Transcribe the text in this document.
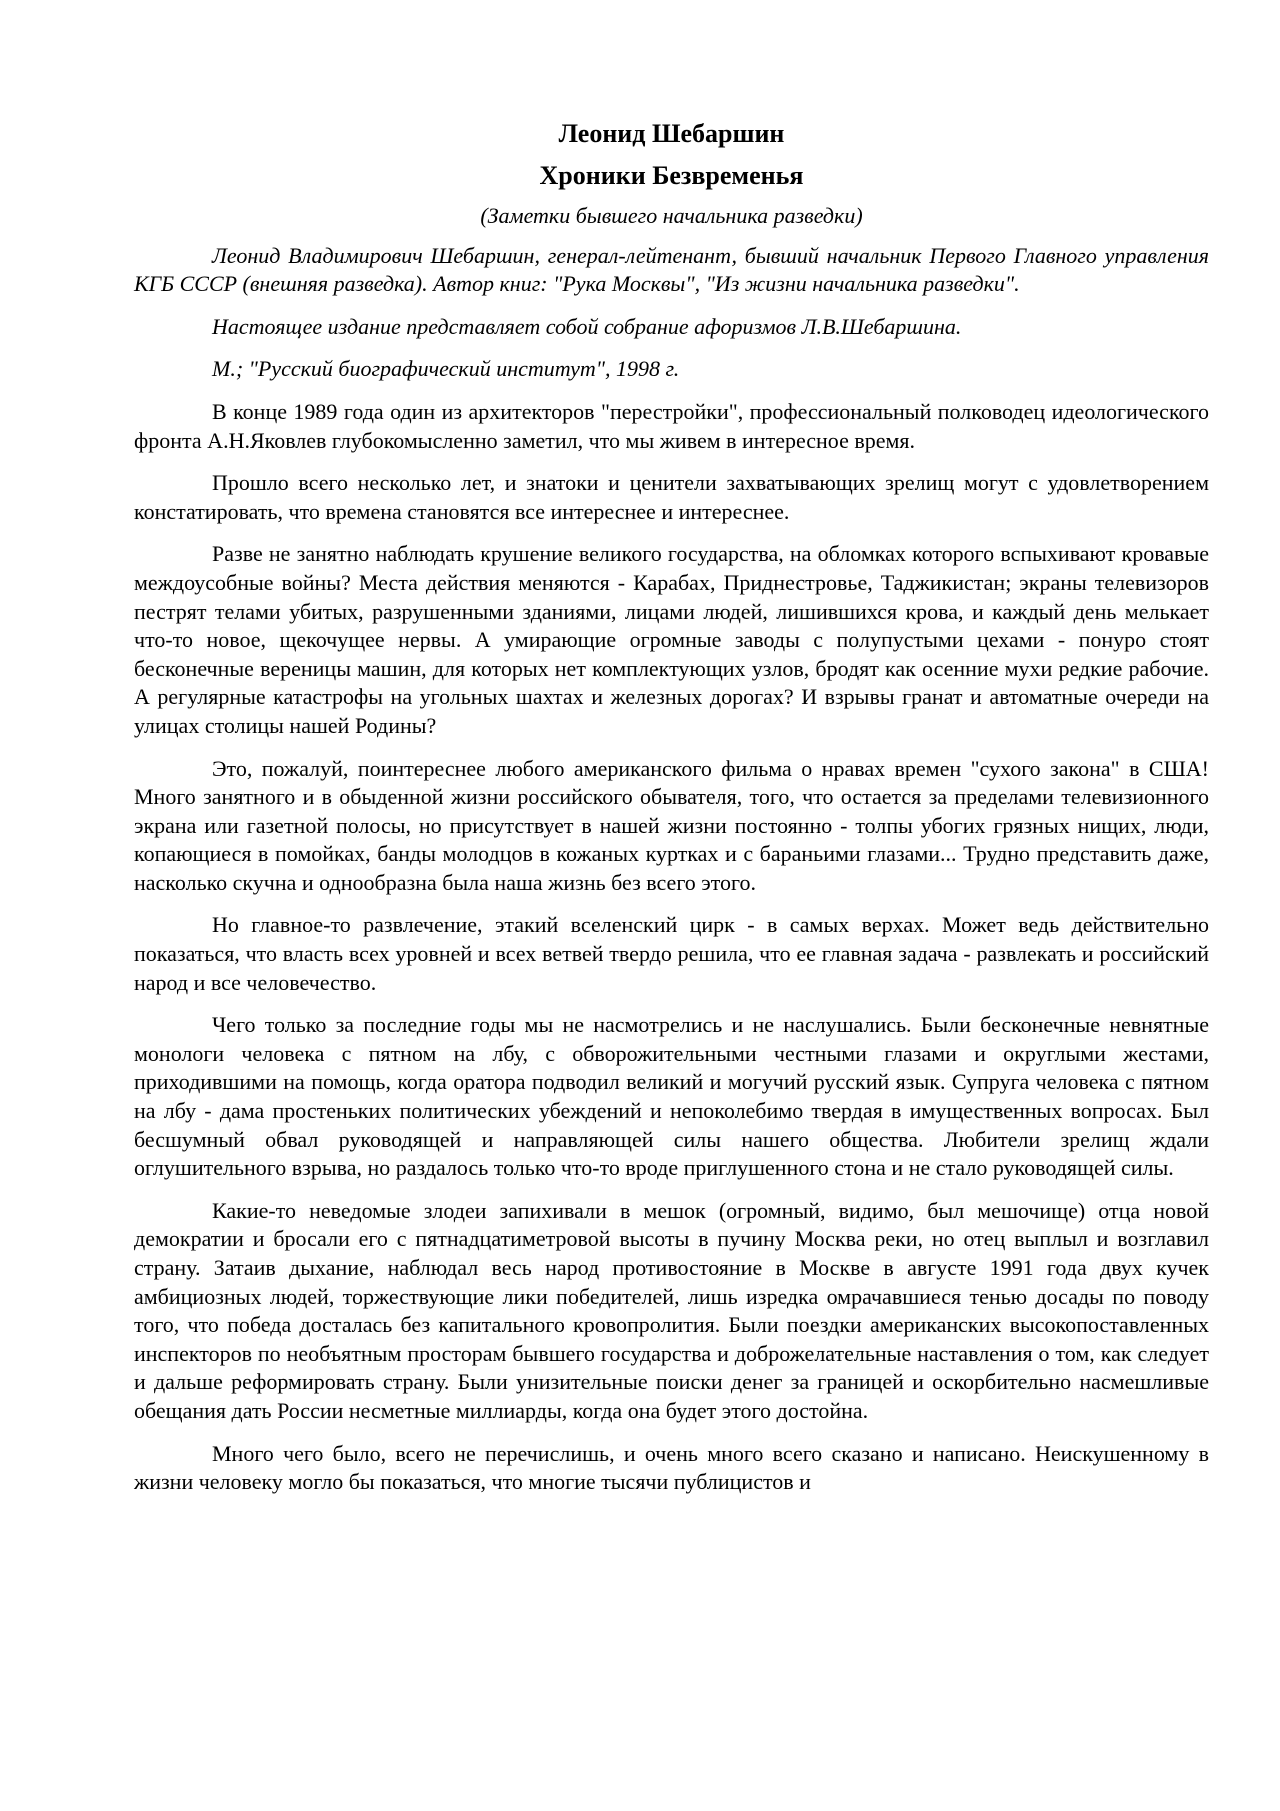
Леонид Шебаршин
Хроники Безвременья
(Заметки бывшего начальника разведки)

Леонид Владимирович Шебаршин, генерал-лейтенант, бывший начальник Первого Главного управления КГБ СССР (внешняя разведка). Автор книг: "Рука Москвы", "Из жизни начальника разведки".

Настоящее издание представляет собой собрание афоризмов Л.В.Шебаршина.

М.; "Русский биографический институт", 1998 г.

В конце 1989 года один из архитекторов "перестройки", профессиональный полководец идеологического фронта А.Н.Яковлев глубокомысленно заметил, что мы живем в интересное время.

Прошло всего несколько лет, и знатоки и ценители захватывающих зрелищ могут с удовлетворением констатировать, что времена становятся все интереснее и интереснее.

Разве не занятно наблюдать крушение великого государства, на обломках которого вспыхивают кровавые междоусобные войны? Места действия меняются - Карабах, Приднестровье, Таджикистан; экраны телевизоров пестрят телами убитых, разрушенными зданиями, лицами людей, лишившихся крова, и каждый день мелькает что-то новое, щекочущее нервы. А умирающие огромные заводы с полупустыми цехами - понуро стоят бесконечные вереницы машин, для которых нет комплектующих узлов, бродят как осенние мухи редкие рабочие. А регулярные катастрофы на угольных шахтах и железных дорогах? И взрывы гранат и автоматные очереди на улицах столицы нашей Родины?

Это, пожалуй, поинтереснее любого американского фильма о нравах времен "сухого закона" в США! Много занятного и в обыденной жизни российского обывателя, того, что остается за пределами телевизионного экрана или газетной полосы, но присутствует в нашей жизни постоянно - толпы убогих грязных нищих, люди, копающиеся в помойках, банды молодцов в кожаных куртках и с бараньими глазами... Трудно представить даже, насколько скучна и однообразна была наша жизнь без всего этого.

Но главное-то развлечение, этакий вселенский цирк - в самых верхах. Может ведь действительно показаться, что власть всех уровней и всех ветвей твердо решила, что ее главная задача - развлекать и российский народ и все человечество.

Чего только за последние годы мы не насмотрелись и не наслушались. Были бесконечные невнятные монологи человека с пятном на лбу, с обворожительными честными глазами и округлыми жестами, приходившими на помощь, когда оратора подводил великий и могучий русский язык. Супруга человека с пятном на лбу - дама простеньких политических убеждений и непоколебимо твердая в имущественных вопросах. Был бесшумный обвал руководящей и направляющей силы нашего общества. Любители зрелищ ждали оглушительного взрыва, но раздалось только что-то вроде приглушенного стона и не стало руководящей силы.

Какие-то неведомые злодеи запихивали в мешок (огромный, видимо, был мешочище) отца новой демократии и бросали его с пятнадцатиметровой высоты в пучину Москва реки, но отец выплыл и возглавил страну. Затаив дыхание, наблюдал весь народ противостояние в Москве в августе 1991 года двух кучек амбициозных людей, торжествующие лики победителей, лишь изредка омрачавшиеся тенью досады по поводу того, что победа досталась без капитального кровопролития. Были поездки американских высокопоставленных инспекторов по необъятным просторам бывшего государства и доброжелательные наставления о том, как следует и дальше реформировать страну. Были унизительные поиски денег за границей и оскорбительно насмешливые обещания дать России несметные миллиарды, когда она будет этого достойна.

Много чего было, всего не перечислишь, и очень много всего сказано и написано. Неискушенному в жизни человеку могло бы показаться, что многие тысячи публицистов и
